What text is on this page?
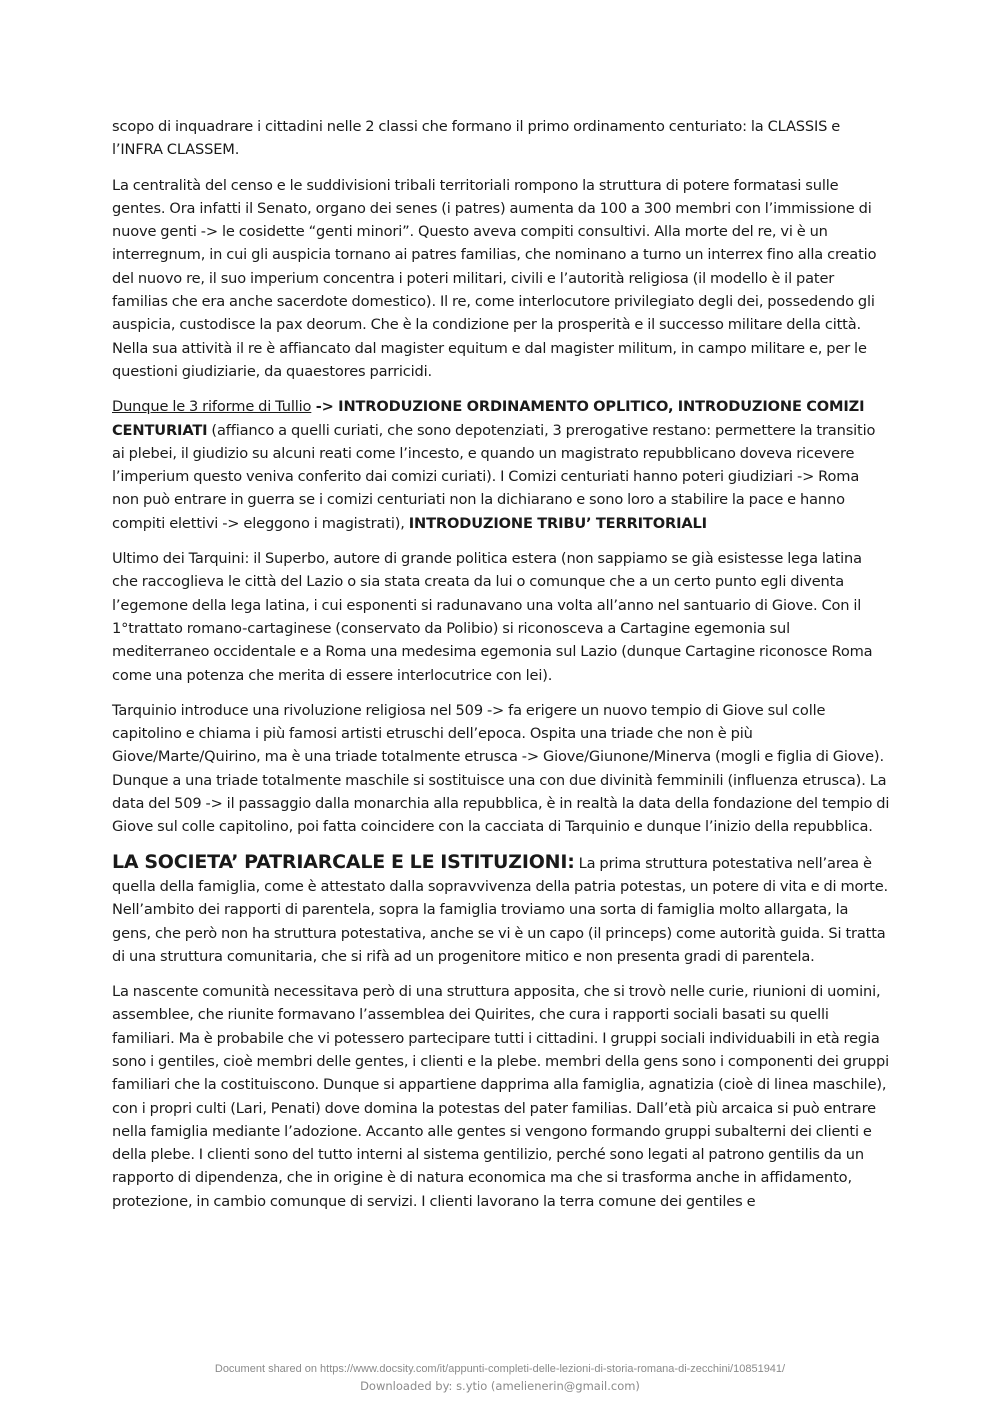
scopo di inquadrare i cittadini nelle 2 classi che formano il primo ordinamento centuriato: la CLASSIS e l’INFRA CLASSEM.

La centralità del censo e le suddivisioni tribali territoriali rompono la struttura di potere formatasi sulle gentes. Ora infatti il Senato, organo dei senes (i patres) aumenta da 100 a 300 membri con l’immissione di nuove genti -> le cosidette “genti minori”. Questo aveva compiti consultivi. Alla morte del re, vi è un interregnum, in cui gli auspicia tornano ai patres familias, che nominano a turno un interrex fino alla creatio del nuovo re, il suo imperium concentra i poteri militari, civili e l’autorità religiosa (il modello è il pater familias che era anche sacerdote domestico). Il re, come interlocutore privilegiato degli dei, possedendo gli auspicia, custodisce la pax deorum. Che è la condizione per la prosperità e il successo militare della città. Nella sua attività il re è affiancato dal magister equitum e dal magister militum, in campo militare e, per le questioni giudiziarie, da quaestores parricidi.

Dunque le 3 riforme di Tullio -> INTRODUZIONE ORDINAMENTO OPLITICO, INTRODUZIONE COMIZI CENTURIATI (affianco a quelli curiati, che sono depotenziati, 3 prerogative restano: permettere la transitio ai plebei, il giudizio su alcuni reati come l’incesto, e quando un magistrato repubblicano doveva ricevere l’imperium questo veniva conferito dai comizi curiati). I Comizi centuriati hanno poteri giudiziari -> Roma non può entrare in guerra se i comizi centuriati non la dichiarano e sono loro a stabilire la pace e hanno compiti elettivi -> eleggono i magistrati), INTRODUZIONE TRIBU’ TERRITORIALI

Ultimo dei Tarquini: il Superbo, autore di grande politica estera (non sappiamo se già esistesse lega latina che raccoglieva le città del Lazio o sia stata creata da lui o comunque che a un certo punto egli diventa l’egemone della lega latina, i cui esponenti si radunavano una volta all’anno nel santuario di Giove. Con il 1°trattato romano-cartaginese (conservato da Polibio) si riconosceva a Cartagine egemonia sul mediterraneo occidentale e a Roma una medesima egemonia sul Lazio (dunque Cartagine riconosce Roma come una potenza che merita di essere interlocutrice con lei).

Tarquinio introduce una rivoluzione religiosa nel 509 -> fa erigere un nuovo tempio di Giove sul colle capitolino e chiama i più famosi artisti etruschi dell’epoca. Ospita una triade che non è più Giove/Marte/Quirino, ma è una triade totalmente etrusca -> Giove/Giunone/Minerva (mogli e figlia di Giove). Dunque a una triade totalmente maschile si sostituisce una con due divinità femminili (influenza etrusca). La data del 509 -> il passaggio dalla monarchia alla repubblica, è in realtà la data della fondazione del tempio di Giove sul colle capitolino, poi fatta coincidere con la cacciata di Tarquinio e dunque l’inizio della repubblica.

LA SOCIETA’ PATRIARCALE E LE ISTITUZIONI: La prima struttura potestativa nell’area è quella della famiglia, come è attestato dalla sopravvivenza della patria potestas, un potere di vita e di morte. Nell’ambito dei rapporti di parentela, sopra la famiglia troviamo una sorta di famiglia molto allargata, la gens, che però non ha struttura potestativa, anche se vi è un capo (il princeps) come autorità guida. Si tratta di una struttura comunitaria, che si rifà ad un progenitore mitico e non presenta gradi di parentela.

La nascente comunità necessitava però di una struttura apposita, che si trovò nelle curie, riunioni di uomini, assemblee, che riunite formavano l’assemblea dei Quirites, che cura i rapporti sociali basati su quelli familiari. Ma è probabile che vi potessero partecipare tutti i cittadini. I gruppi sociali individuabili in età regia sono i gentiles, cioè membri delle gentes, i clienti e la plebe. membri della gens sono i componenti dei gruppi familiari che la costituiscono. Dunque si appartiene dapprima alla famiglia, agnatizia (cioè di linea maschile), con i propri culti (Lari, Penati) dove domina la potestas del pater familias. Dall’età più arcaica si può entrare nella famiglia mediante l’adozione. Accanto alle gentes si vengono formando gruppi subalterni dei clienti e della plebe. I clienti sono del tutto interni al sistema gentilizio, perché sono legati al patrono gentilis da un rapporto di dipendenza, che in origine è di natura economica ma che si trasforma anche in affidamento, protezione, in cambio comunque di servizi. I clienti lavorano la terra comune dei gentiles e

Document shared on https://www.docsity.com/it/appunti-completi-delle-lezioni-di-storia-romana-di-zecchini/10851941/
Downloaded by: s.ytio (amelienerin@gmail.com)
